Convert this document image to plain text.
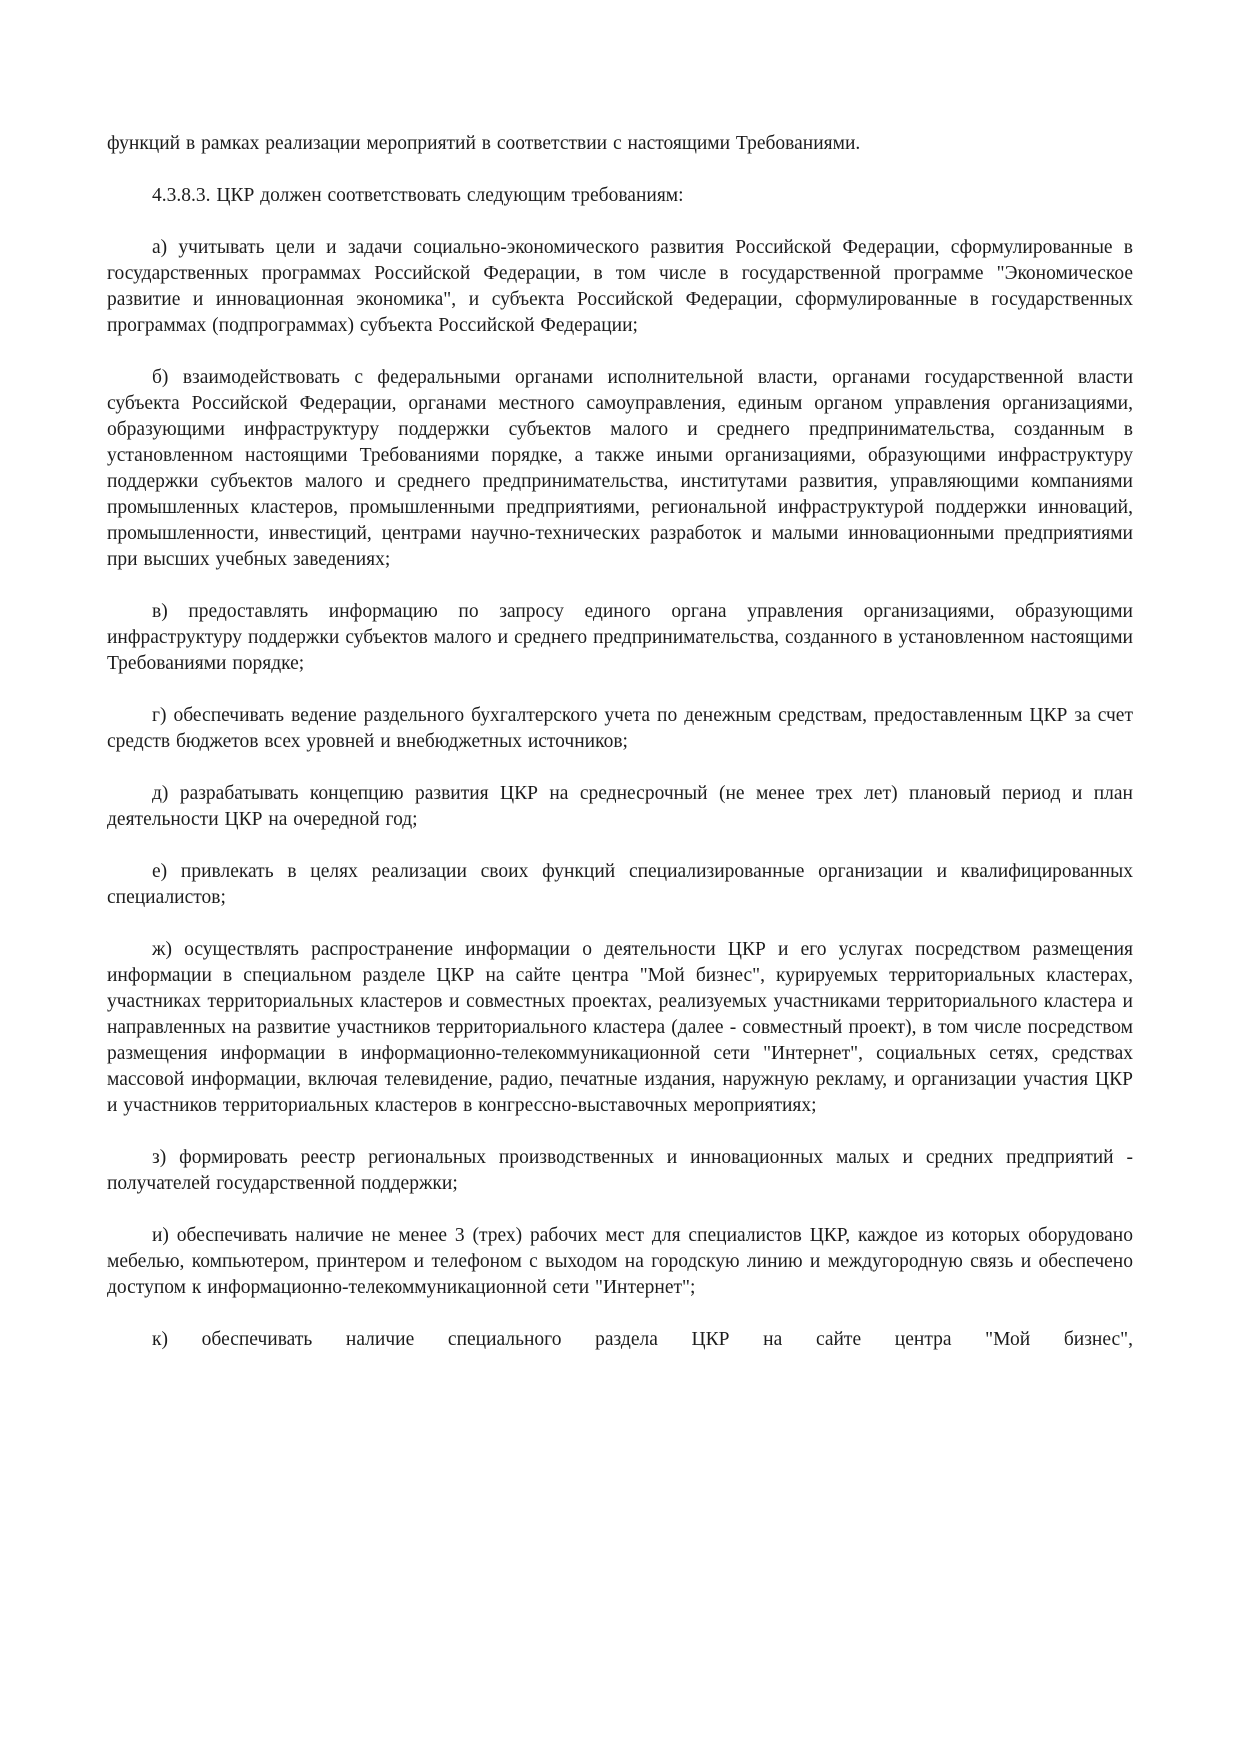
функций в рамках реализации мероприятий в соответствии с настоящими Требованиями.

4.3.8.3. ЦКР должен соответствовать следующим требованиям:

а) учитывать цели и задачи социально-экономического развития Российской Федерации, сформулированные в государственных программах Российской Федерации, в том числе в государственной программе "Экономическое развитие и инновационная экономика", и субъекта Российской Федерации, сформулированные в государственных программах (подпрограммах) субъекта Российской Федерации;

б) взаимодействовать с федеральными органами исполнительной власти, органами государственной власти субъекта Российской Федерации, органами местного самоуправления, единым органом управления организациями, образующими инфраструктуру поддержки субъектов малого и среднего предпринимательства, созданным в установленном настоящими Требованиями порядке, а также иными организациями, образующими инфраструктуру поддержки субъектов малого и среднего предпринимательства, институтами развития, управляющими компаниями промышленных кластеров, промышленными предприятиями, региональной инфраструктурой поддержки инноваций, промышленности, инвестиций, центрами научно-технических разработок и малыми инновационными предприятиями при высших учебных заведениях;

в) предоставлять информацию по запросу единого органа управления организациями, образующими инфраструктуру поддержки субъектов малого и среднего предпринимательства, созданного в установленном настоящими Требованиями порядке;

г) обеспечивать ведение раздельного бухгалтерского учета по денежным средствам, предоставленным ЦКР за счет средств бюджетов всех уровней и внебюджетных источников;

д) разрабатывать концепцию развития ЦКР на среднесрочный (не менее трех лет) плановый период и план деятельности ЦКР на очередной год;

е) привлекать в целях реализации своих функций специализированные организации и квалифицированных специалистов;

ж) осуществлять распространение информации о деятельности ЦКР и его услугах посредством размещения информации в специальном разделе ЦКР на сайте центра "Мой бизнес", курируемых территориальных кластерах, участниках территориальных кластеров и совместных проектах, реализуемых участниками территориального кластера и направленных на развитие участников территориального кластера (далее - совместный проект), в том числе посредством размещения информации в информационно-телекоммуникационной сети "Интернет", социальных сетях, средствах массовой информации, включая телевидение, радио, печатные издания, наружную рекламу, и организации участия ЦКР и участников территориальных кластеров в конгрессно-выставочных мероприятиях;

з) формировать реестр региональных производственных и инновационных малых и средних предприятий - получателей государственной поддержки;

и) обеспечивать наличие не менее 3 (трех) рабочих мест для специалистов ЦКР, каждое из которых оборудовано мебелью, компьютером, принтером и телефоном с выходом на городскую линию и междугородную связь и обеспечено доступом к информационно-телекоммуникационной сети "Интернет";

к) обеспечивать наличие специального раздела ЦКР на сайте центра "Мой бизнес",
